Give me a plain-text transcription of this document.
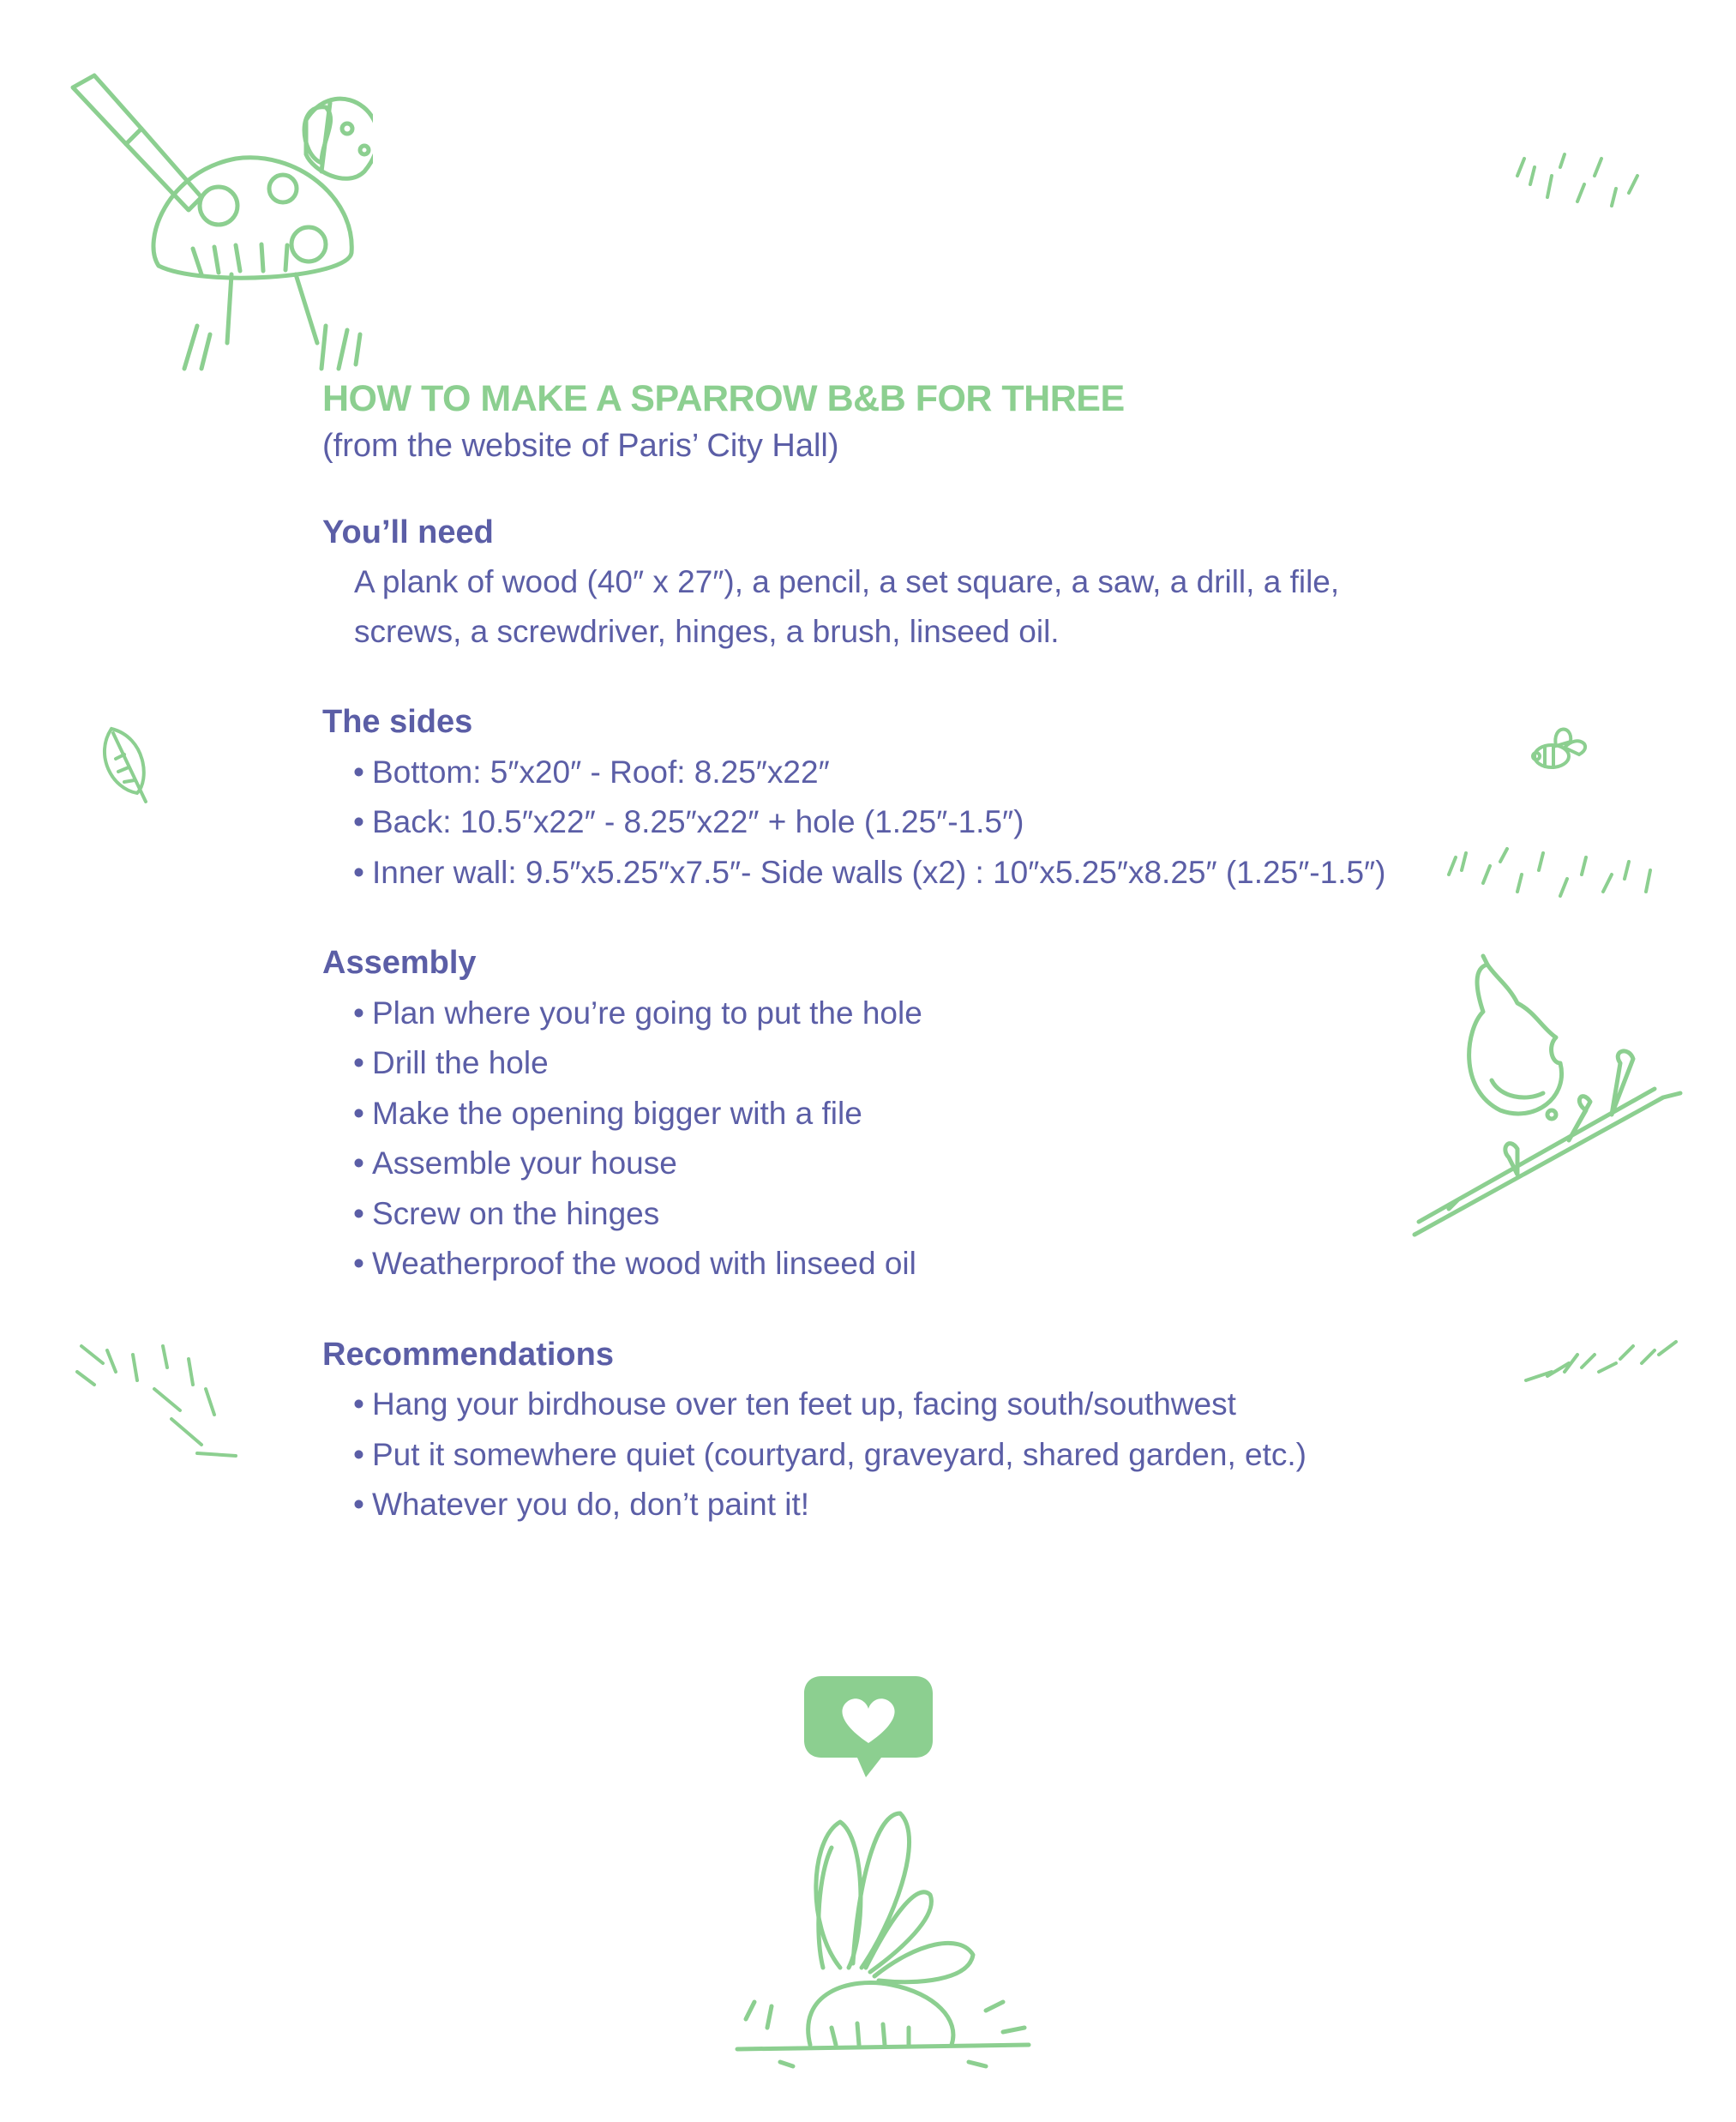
HOW TO MAKE A SPARROW B&B FOR THREE

(from the website of Paris’ City Hall)

You’ll need

A plank of wood (40″ x 27″), a pencil, a set square, a saw, a drill, a file, screws, a screwdriver, hinges, a brush, linseed oil.

The sides
• Bottom: 5″x20″ - Roof: 8.25″x22″
• Back: 10.5″x22″ - 8.25″x22″ + hole (1.25″-1.5″)
• Inner wall: 9.5″x5.25″x7.5″- Side walls (x2) : 10″x5.25″x8.25″ (1.25″-1.5″)
Assembly
• Plan where you’re going to put the hole
• Drill the hole
• Make the opening bigger with a file
• Assemble your house
• Screw on the hinges
• Weatherproof the wood with linseed oil
Recommendations
• Hang your birdhouse over ten feet up, facing south/southwest
• Put it somewhere quiet (courtyard, graveyard, shared garden, etc.)
• Whatever you do, don’t paint it!
